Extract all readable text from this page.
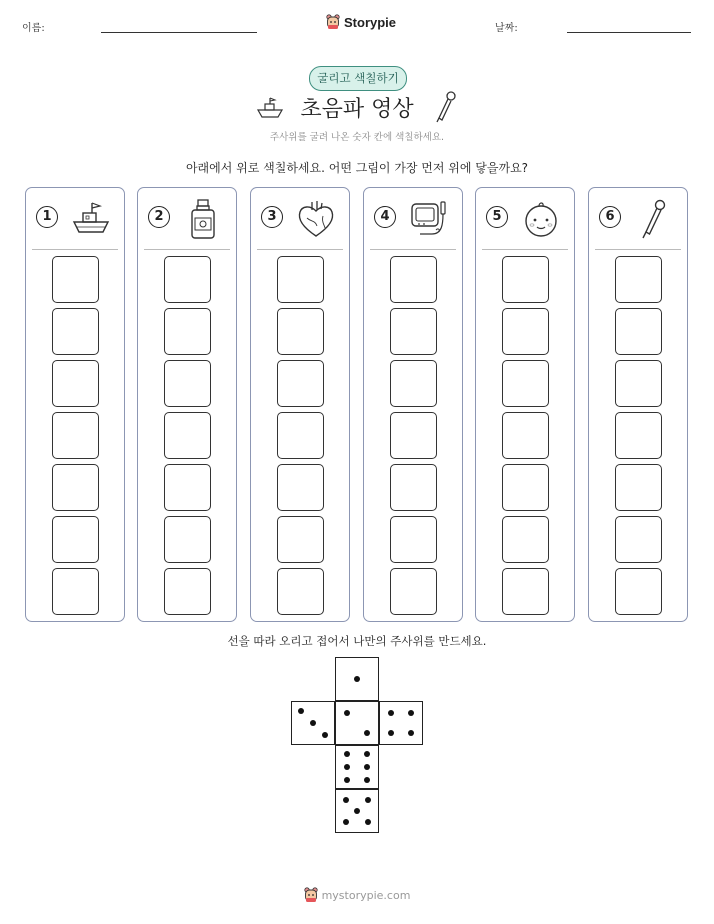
이름:	Storypie	날짜:
굴리고 색칠하기
초음파 영상
주사위를 굴려 나온 숫자 칸에 색칠하세요.
아래에서 위로 색칠하세요. 어떤 그림이 가장 먼저 위에 닿을까요?
1	2	3	4	5	6
선을 따라 오리고 접어서 나만의 주사위를 만드세요.
mystorypie.com
